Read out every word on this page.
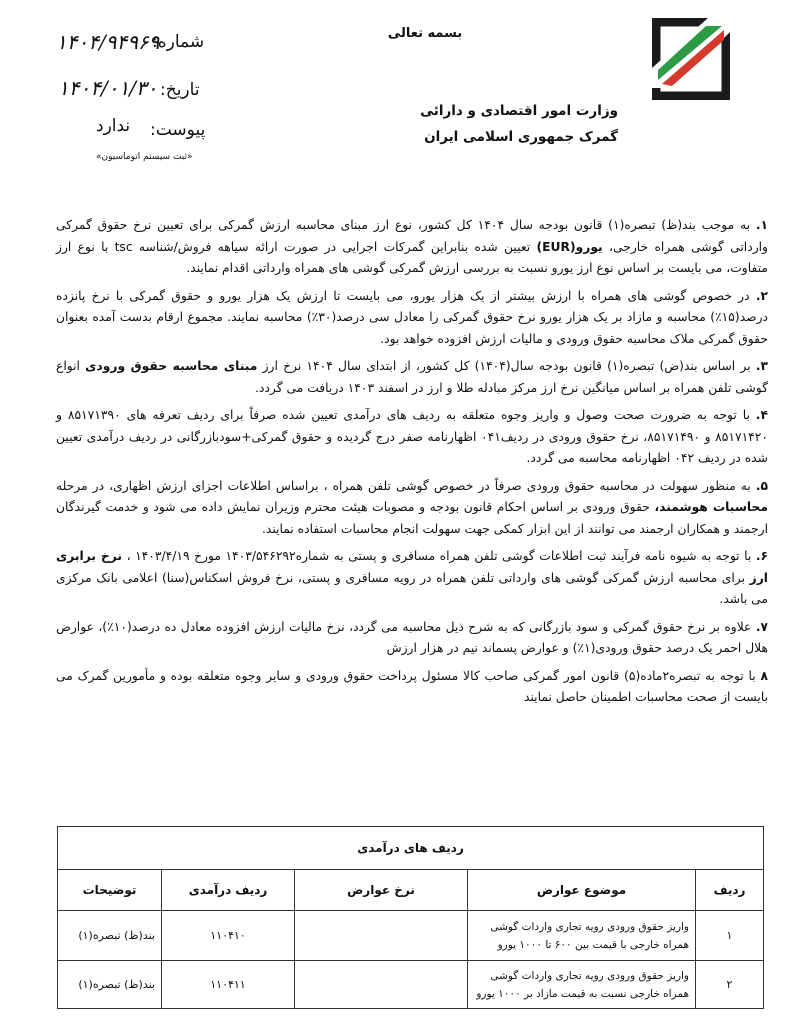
شماره:
۱۴۰۴/۹۴۹۶۹
تاریخ:
۱۴۰۴/۰۱/۳۰
پیوست:
ندارد
«ثبت سیستم اتوماسیون»
بسمه تعالی
وزارت امور اقتصادی و دارائی
گمرک جمهوری اسلامی ایران

۱. به موجب بند(ظ) تبصره(۱) قانون بودجه سال ۱۴۰۴ کل کشور، نوع ارز مبنای محاسبه ارزش گمرکی برای تعیین نرخ حقوق گمرکی وارداتی گوشی همراه خارجی، یورو(EUR) تعیین شده بنابراین گمرکات اجرایی در صورت ارائه سیاهه فروش/شناسه tsc با نوع ارز متفاوت، می بایست بر اساس نوع ارز یورو نسبت به بررسی ارزش گمرکی گوشی های همراه وارداتی اقدام نمایند.

۲. در خصوص گوشی های همراه با ارزش بیشتر از یک هزار یورو، می بایست تا ارزش یک هزار یورو و حقوق گمرکی با نرخ پانزده درصد(۱۵٪) محاسبه و مازاد بر یک هزار یورو نرخ حقوق گمرکی را معادل سی درصد(۳۰٪) محاسبه نمایند. مجموع ارقام بدست آمده بعنوان حقوق گمرکی ملاک محاسبه حقوق ورودی و مالیات ارزش افزوده خواهد بود.

۳. بر اساس بند(ض) تبصره(۱) قانون بودجه سال(۱۴۰۴) کل کشور، از ابتدای سال ۱۴۰۴ نرخ ارز مبنای محاسبه حقوق ورودی انواع گوشی تلفن همراه بر اساس میانگین نرخ ارز مرکز مبادله طلا و ارز در اسفند ۱۴۰۳ دریافت می گردد.

۴. با توجه به ضرورت صحت وصول و واریز وجوه متعلقه به ردیف های درآمدی تعیین شده صرفاً برای ردیف تعرفه های ۸۵۱۷۱۳۹۰ و ۸۵۱۷۱۴۲۰ و ۸۵۱۷۱۴۹۰، نرخ حقوق ورودی در ردیف۰۴۱ اظهارنامه صفر درج گردیده و حقوق گمرکی+سودبازرگانی در ردیف درآمدی تعیین شده در ردیف ۰۴۲ اظهارنامه محاسبه می گردد.

۵. به منظور سهولت در محاسبه حقوق ورودی صرفاً در خصوص گوشی تلفن همراه ، براساس اطلاعات اجزای ارزش اظهاری، در مرحله محاسبات هوشمند، حقوق ورودی بر اساس احکام قانون بودجه و مصوبات هیئت محترم وزیران نمایش داده می شود و خدمت گیرندگان ارجمند و همکاران ارجمند می توانند از این ابزار کمکی جهت سهولت انجام محاسبات استفاده نمایند.

۶. با توجه به شیوه نامه فرآیند ثبت اطلاعات گوشی تلفن همراه مسافری و پستی به شماره۱۴۰۳/۵۴۶۲۹۲ مورخ ۱۴۰۳/۴/۱۹ ، نرخ برابری ارز برای محاسبه ارزش گمرکی گوشی های وارداتی تلفن همراه در رویه مسافری و پستی، نرخ فروش اسکناس(سنا) اعلامی بانک مرکزی می باشد.

۷. علاوه بر نرخ حقوق گمرکی و سود بازرگانی که به شرح ذیل محاسبه می گردد، نرخ مالیات ارزش افزوده معادل ده درصد(۱۰٪)، عوارض هلال احمر یک درصد حقوق ورودی(۱٪) و عوارض پسماند نیم در هزار ارزش

۸ با توجه به تبصره۲ماده(۵) قانون امور گمرکی صاحب کالا مسئول پرداخت حقوق ورودی و سایر وجوه متعلقه بوده و مأمورین گمرک می بایست از صحت محاسبات اطمینان حاصل نمایند

ردیف های درآمدی				
ردیف	موضوع عوارض	نرخ عوارض	ردیف درآمدی	توضیحات
۱	واریز حقوق ورودی رویه تجاری واردات گوشی همراه خارجی با قیمت بین ۶۰۰ تا ۱۰۰۰ یورو		۱۱۰۴۱۰	بند(ظ) تبصره(۱)
۲	واریز حقوق ورودی رویه تجاری واردات گوشی همراه خارجی نسبت به قیمت مازاد بر ۱۰۰۰ یورو		۱۱۰۴۱۱	بند(ظ) تبصره(۱)
